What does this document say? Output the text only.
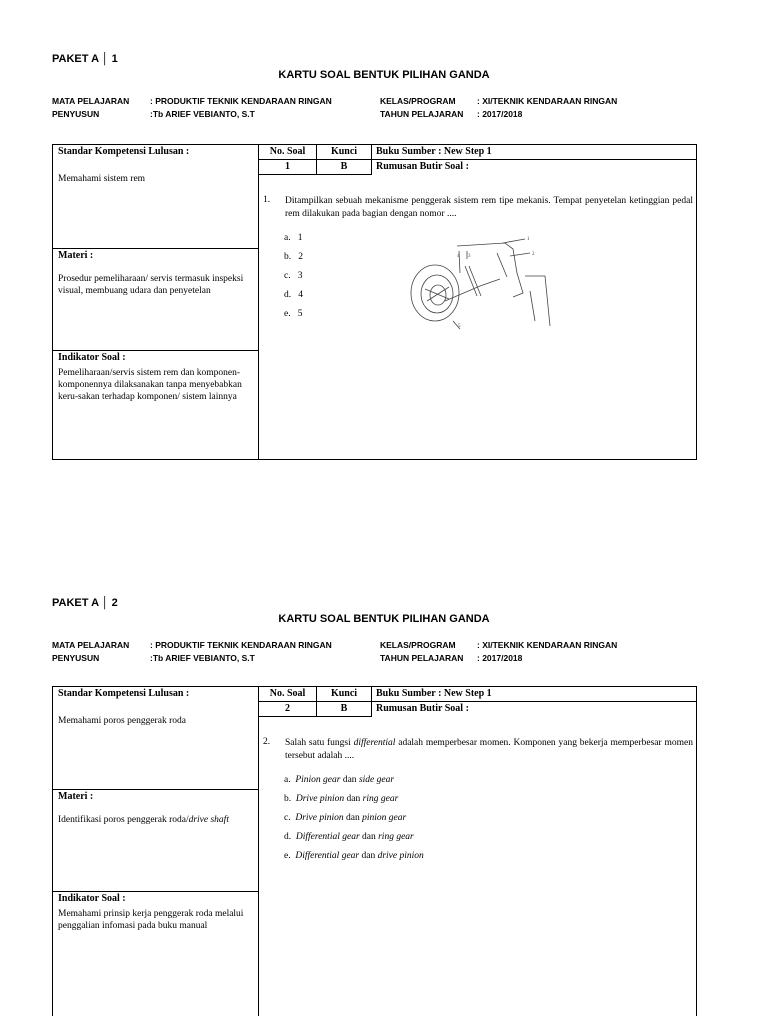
PAKET A │ 1
KARTU SOAL BENTUK PILIHAN GANDA
MATA PELAJARAN : PRODUKTIF TEKNIK KENDARAAN RINGAN
PENYUSUN	:Tb ARIEF VEBIANTO, S.T
KELAS/PROGRAM	: XI/TEKNIK KENDARAAN RINGAN
TAHUN PELAJARAN : 2017/2018
Standar Kompetensi Lulusan :
Memahami sistem rem
Materi :
Prosedur pemeliharaan/ servis termasuk inspeksi visual, membuang udara dan penyetelan
Indikator Soal :
Pemeliharaan/servis sistem rem dan komponen-komponennya dilaksanakan tanpa menyebabkan keru-sakan terhadap komponen/ sistem lainnya
No. Soal	Kunci	Buku Sumber : New Step 1
1	B	Rumusan Butir Soal :
1. Ditampilkan sebuah mekanisme penggerak sistem rem tipe mekanis. Tempat penyetelan ketinggian pedal rem dilakukan pada bagian dengan nomor ....
a. 1
b. 2
c. 3
d. 4
e. 5
1
2
3
4
5
PAKET A │ 2
KARTU SOAL BENTUK PILIHAN GANDA
MATA PELAJARAN : PRODUKTIF TEKNIK KENDARAAN RINGAN
PENYUSUN	:Tb ARIEF VEBIANTO, S.T
KELAS/PROGRAM	: XI/TEKNIK KENDARAAN RINGAN
TAHUN PELAJARAN : 2017/2018
Standar Kompetensi Lulusan :
Memahami poros penggerak roda
Materi :
Identifikasi poros penggerak roda/drive shaft
Indikator Soal :
Memahami prinsip kerja penggerak roda melalui penggalian infomasi pada buku manual
No. Soal	Kunci	Buku Sumber : New Step 1
2	B	Rumusan Butir Soal :
2. Salah satu fungsi differential adalah memperbesar momen. Komponen yang bekerja memperbesar momen tersebut adalah ....
a. Pinion gear dan side gear
b. Drive pinion dan ring gear
c. Drive pinion dan pinion gear
d. Differential gear dan ring gear
e. Differential gear dan drive pinion
